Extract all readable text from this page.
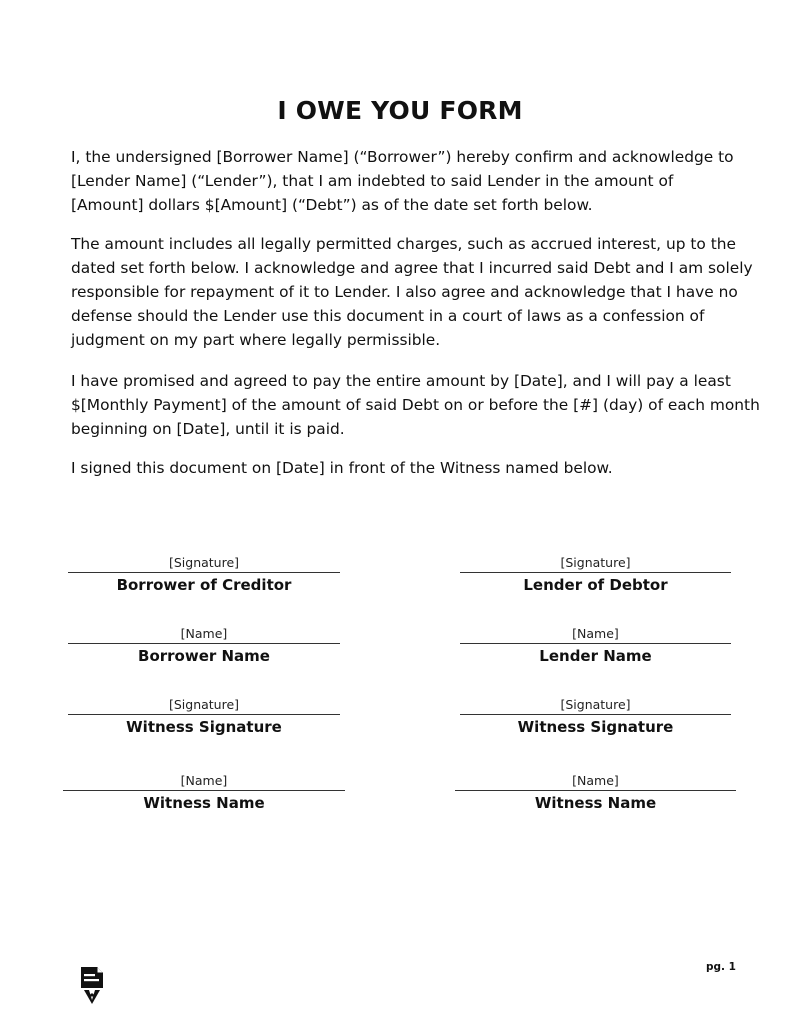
I OWE YOU FORM

I, the undersigned [Borrower Name] (“Borrower”) hereby confirm and acknowledge to
[Lender Name] (“Lender”), that I am indebted to said Lender in the amount of
[Amount] dollars $[Amount] (“Debt”) as of the date set forth below.

The amount includes all legally permitted charges, such as accrued interest, up to the
dated set forth below. I acknowledge and agree that I incurred said Debt and I am solely
responsible for repayment of it to Lender. I also agree and acknowledge that I have no
defense should the Lender use this document in a court of laws as a confession of
judgment on my part where legally permissible.

I have promised and agreed to pay the entire amount by [Date], and I will pay a least
$[Monthly Payment] of the amount of said Debt on or before the [#] (day) of each month
beginning on [Date], until it is paid.

I signed this document on [Date] in front of the Witness named below.

[Signature]
Borrower of Creditor
[Name]
Borrower Name
[Signature]
Witness Signature
[Name]
Witness Name
[Signature]
Lender of Debtor
[Name]
Lender Name
[Signature]
Witness Signature
[Name]
Witness Name
pg. 1
